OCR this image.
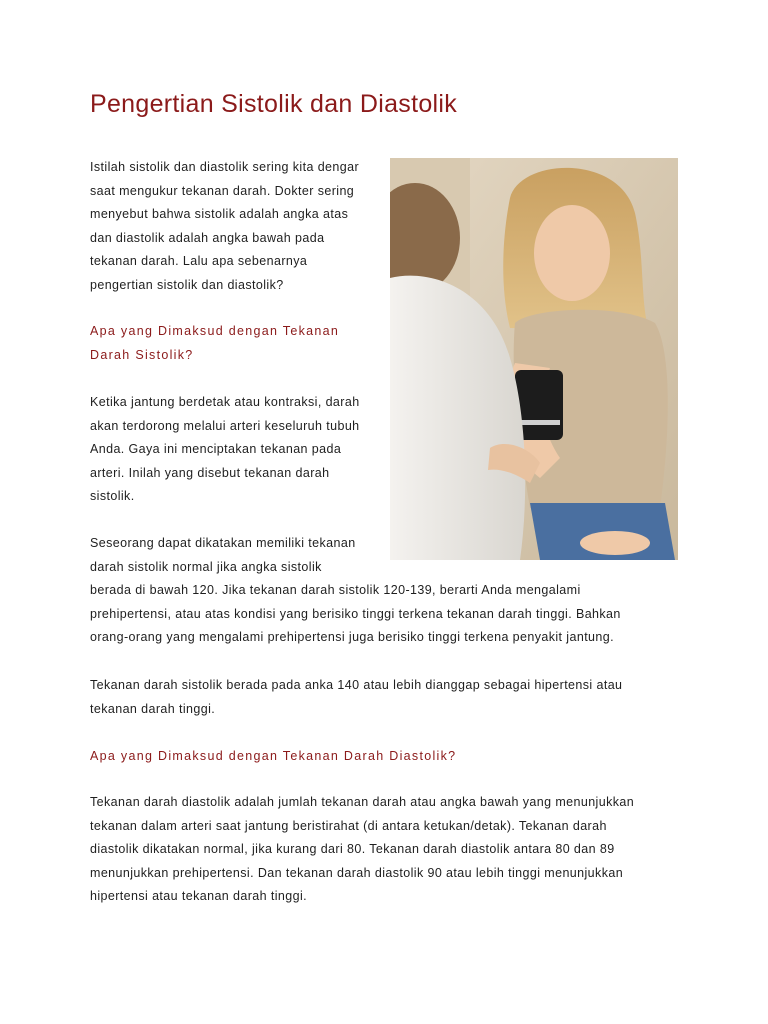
Pengertian Sistolik dan Diastolik
Istilah sistolik dan diastolik sering kita dengar
saat mengukur tekanan darah. Dokter sering
menyebut bahwa sistolik adalah angka atas
dan diastolik adalah angka bawah pada
tekanan darah. Lalu apa sebenarnya
pengertian sistolik dan diastolik?
Apa yang Dimaksud dengan Tekanan
Darah Sistolik?
Ketika jantung berdetak atau kontraksi, darah
akan terdorong melalui arteri keseluruh tubuh
Anda. Gaya ini menciptakan tekanan pada
arteri. Inilah yang disebut tekanan darah
sistolik.
Seseorang dapat dikatakan memiliki tekanan
darah sistolik normal jika angka sistolik
berada di bawah 120. Jika tekanan darah sistolik 120-139, berarti Anda mengalami
prehipertensi, atau atas kondisi yang berisiko tinggi terkena tekanan darah tinggi. Bahkan
orang-orang yang mengalami prehipertensi juga berisiko tinggi terkena penyakit jantung.
Tekanan darah sistolik berada pada anka 140 atau lebih dianggap sebagai hipertensi atau
tekanan darah tinggi.
Apa yang Dimaksud dengan Tekanan Darah Diastolik?
Tekanan darah diastolik adalah jumlah tekanan darah atau angka bawah yang menunjukkan
tekanan dalam arteri saat jantung beristirahat (di antara ketukan/detak). Tekanan darah
diastolik dikatakan normal, jika kurang dari 80. Tekanan darah diastolik antara 80 dan 89
menunjukkan prehipertensi. Dan tekanan darah diastolik 90 atau lebih tinggi menunjukkan
hipertensi atau tekanan darah tinggi.
